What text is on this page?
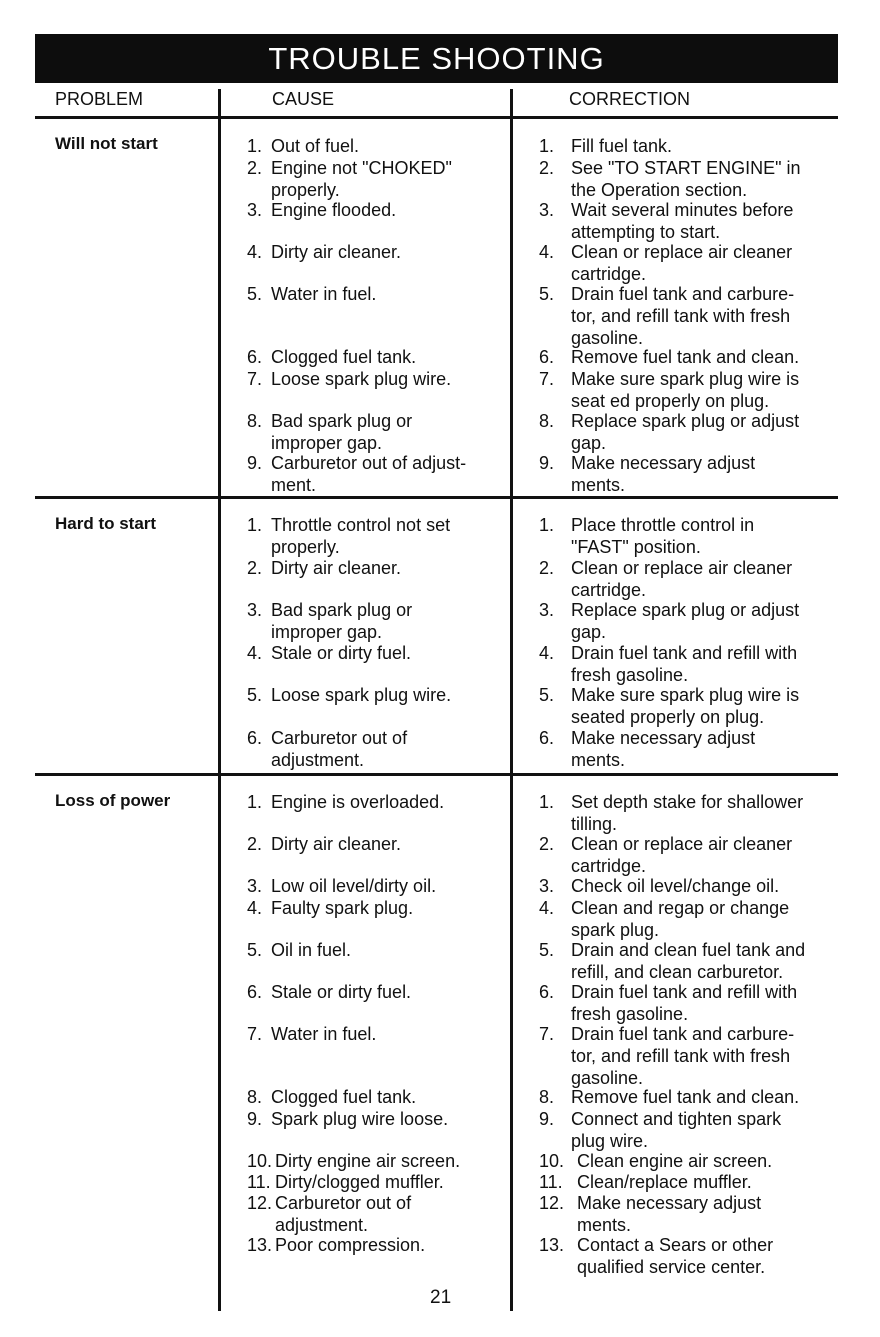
TROUBLE SHOOTING
PROBLEM	CAUSE	CORRECTION
Will not start
Hard to start
Loss of power
1. Out of fuel.
2. Engine not "CHOKED"
properly.
3. Engine flooded.
4. Dirty air cleaner.
5. Water in fuel.
6. Clogged fuel tank.
7. Loose spark plug wire.
8. Bad spark plug or
improper gap.
9. Carburetor out of adjust-
ment.
1. Fill fuel tank.
2. See "TO START ENGINE" in
the Operation section.
3. Wait several minutes before
attempting to start.
4. Clean or replace air cleaner
cartridge.
5. Drain fuel tank and carbure-
tor, and refill tank with fresh
gasoline.
6. Remove fuel tank and clean.
7. Make sure spark plug wire is
seat ed properly on plug.
8. Replace spark plug or adjust
gap.
9. Make necessary adjust
ments.
1. Throttle control not set
properly.
2. Dirty air cleaner.
3. Bad spark plug or
improper gap.
4. Stale or dirty fuel.
5. Loose spark plug wire.
6. Carburetor out of
adjustment.
1. Place throttle control in
"FAST" position.
2. Clean or replace air cleaner
cartridge.
3. Replace spark plug or adjust
gap.
4. Drain fuel tank and refill with
fresh gasoline.
5. Make sure spark plug wire is
seated properly on plug.
6. Make necessary adjust
ments.
1. Engine is overloaded.
2. Dirty air cleaner.
3. Low oil level/dirty oil.
4. Faulty spark plug.
5. Oil in fuel.
6. Stale or dirty fuel.
7. Water in fuel.
8. Clogged fuel tank.
9. Spark plug wire loose.
10. Dirty engine air screen.
11. Dirty/clogged muffler.
12. Carburetor out of
adjustment.
13. Poor compression.
1. Set depth stake for shallower
tilling.
2. Clean or replace air cleaner
cartridge.
3. Check oil level/change oil.
4. Clean and regap or change
spark plug.
5. Drain and clean fuel tank and
refill, and clean carburetor.
6. Drain fuel tank and refill with
fresh gasoline.
7. Drain fuel tank and carbure-
tor, and refill tank with fresh
gasoline.
8. Remove fuel tank and clean.
9. Connect and tighten spark
plug wire.
10. Clean engine air screen.
11. Clean/replace muffler.
12. Make necessary adjust
ments.
13. Contact a Sears or other
qualified service center.
21
